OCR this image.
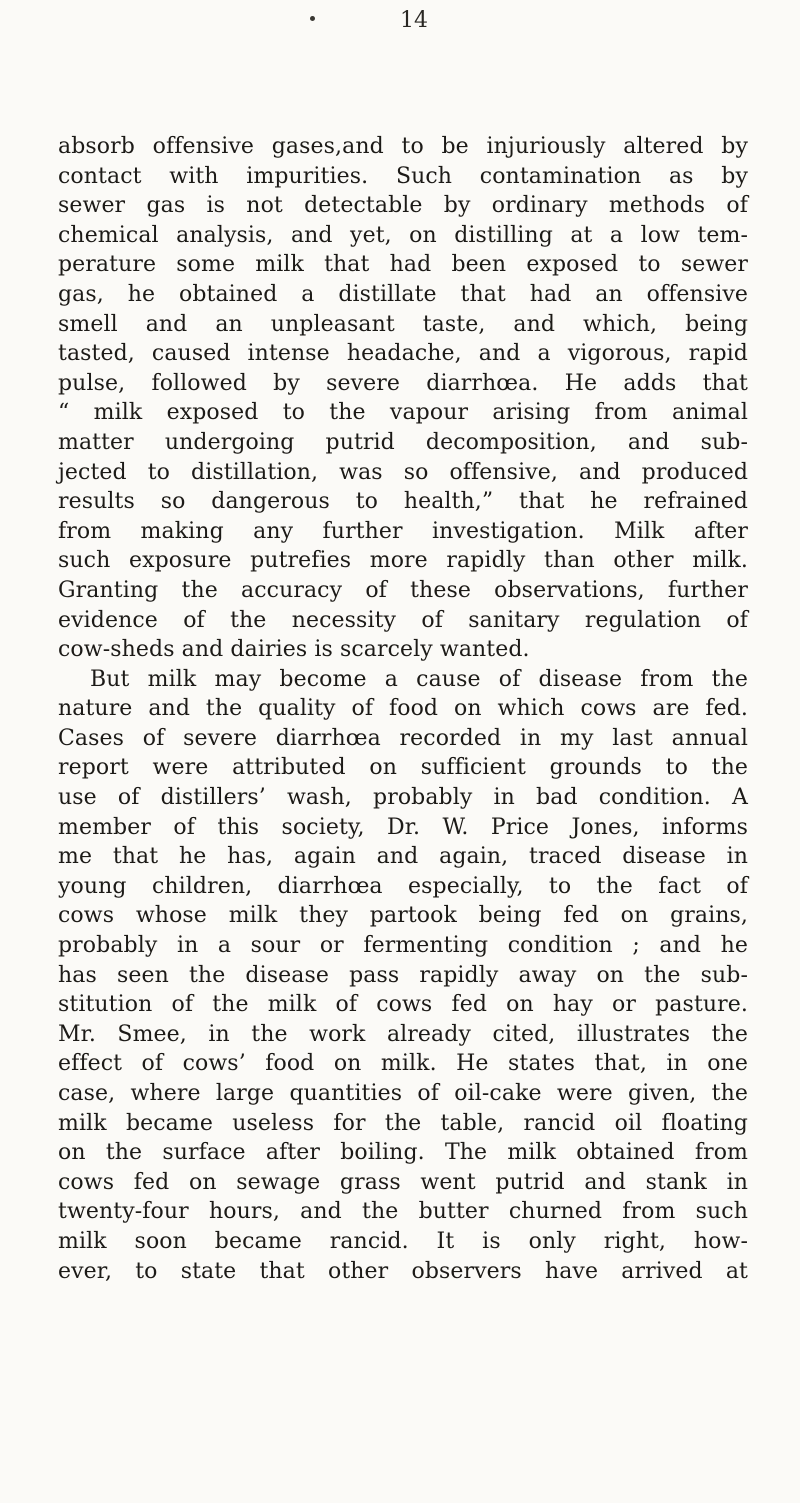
14
absorb offensive gases,and to be injuriously altered by
contact with impurities. Such contamination as by
sewer gas is not detectable by ordinary methods of
chemical analysis, and yet, on distilling at a low tem-
perature some milk that had been exposed to sewer
gas, he obtained a distillate that had an offensive
smell and an unpleasant taste, and which, being
tasted, caused intense headache, and a vigorous, rapid
pulse, followed by severe diarrhœa. He adds that
“ milk exposed to the vapour arising from animal
matter undergoing putrid decomposition, and sub-
jected to distillation, was so offensive, and produced
results so dangerous to health,” that he refrained
from making any further investigation. Milk after
such exposure putrefies more rapidly than other milk.
Granting the accuracy of these observations, further
evidence of the necessity of sanitary regulation of
cow-sheds and dairies is scarcely wanted.
But milk may become a cause of disease from the
nature and the quality of food on which cows are fed.
Cases of severe diarrhœa recorded in my last annual
report were attributed on sufficient grounds to the
use of distillers’ wash, probably in bad condition. A
member of this society, Dr. W. Price Jones, informs
me that he has, again and again, traced disease in
young children, diarrhœa especially, to the fact of
cows whose milk they partook being fed on grains,
probably in a sour or fermenting condition ; and he
has seen the disease pass rapidly away on the sub-
stitution of the milk of cows fed on hay or pasture.
Mr. Smee, in the work already cited, illustrates the
effect of cows’ food on milk. He states that, in one
case, where large quantities of oil-cake were given, the
milk became useless for the table, rancid oil floating
on the surface after boiling. The milk obtained from
cows fed on sewage grass went putrid and stank in
twenty-four hours, and the butter churned from such
milk soon became rancid. It is only right, how-
ever, to state that other observers have arrived at
